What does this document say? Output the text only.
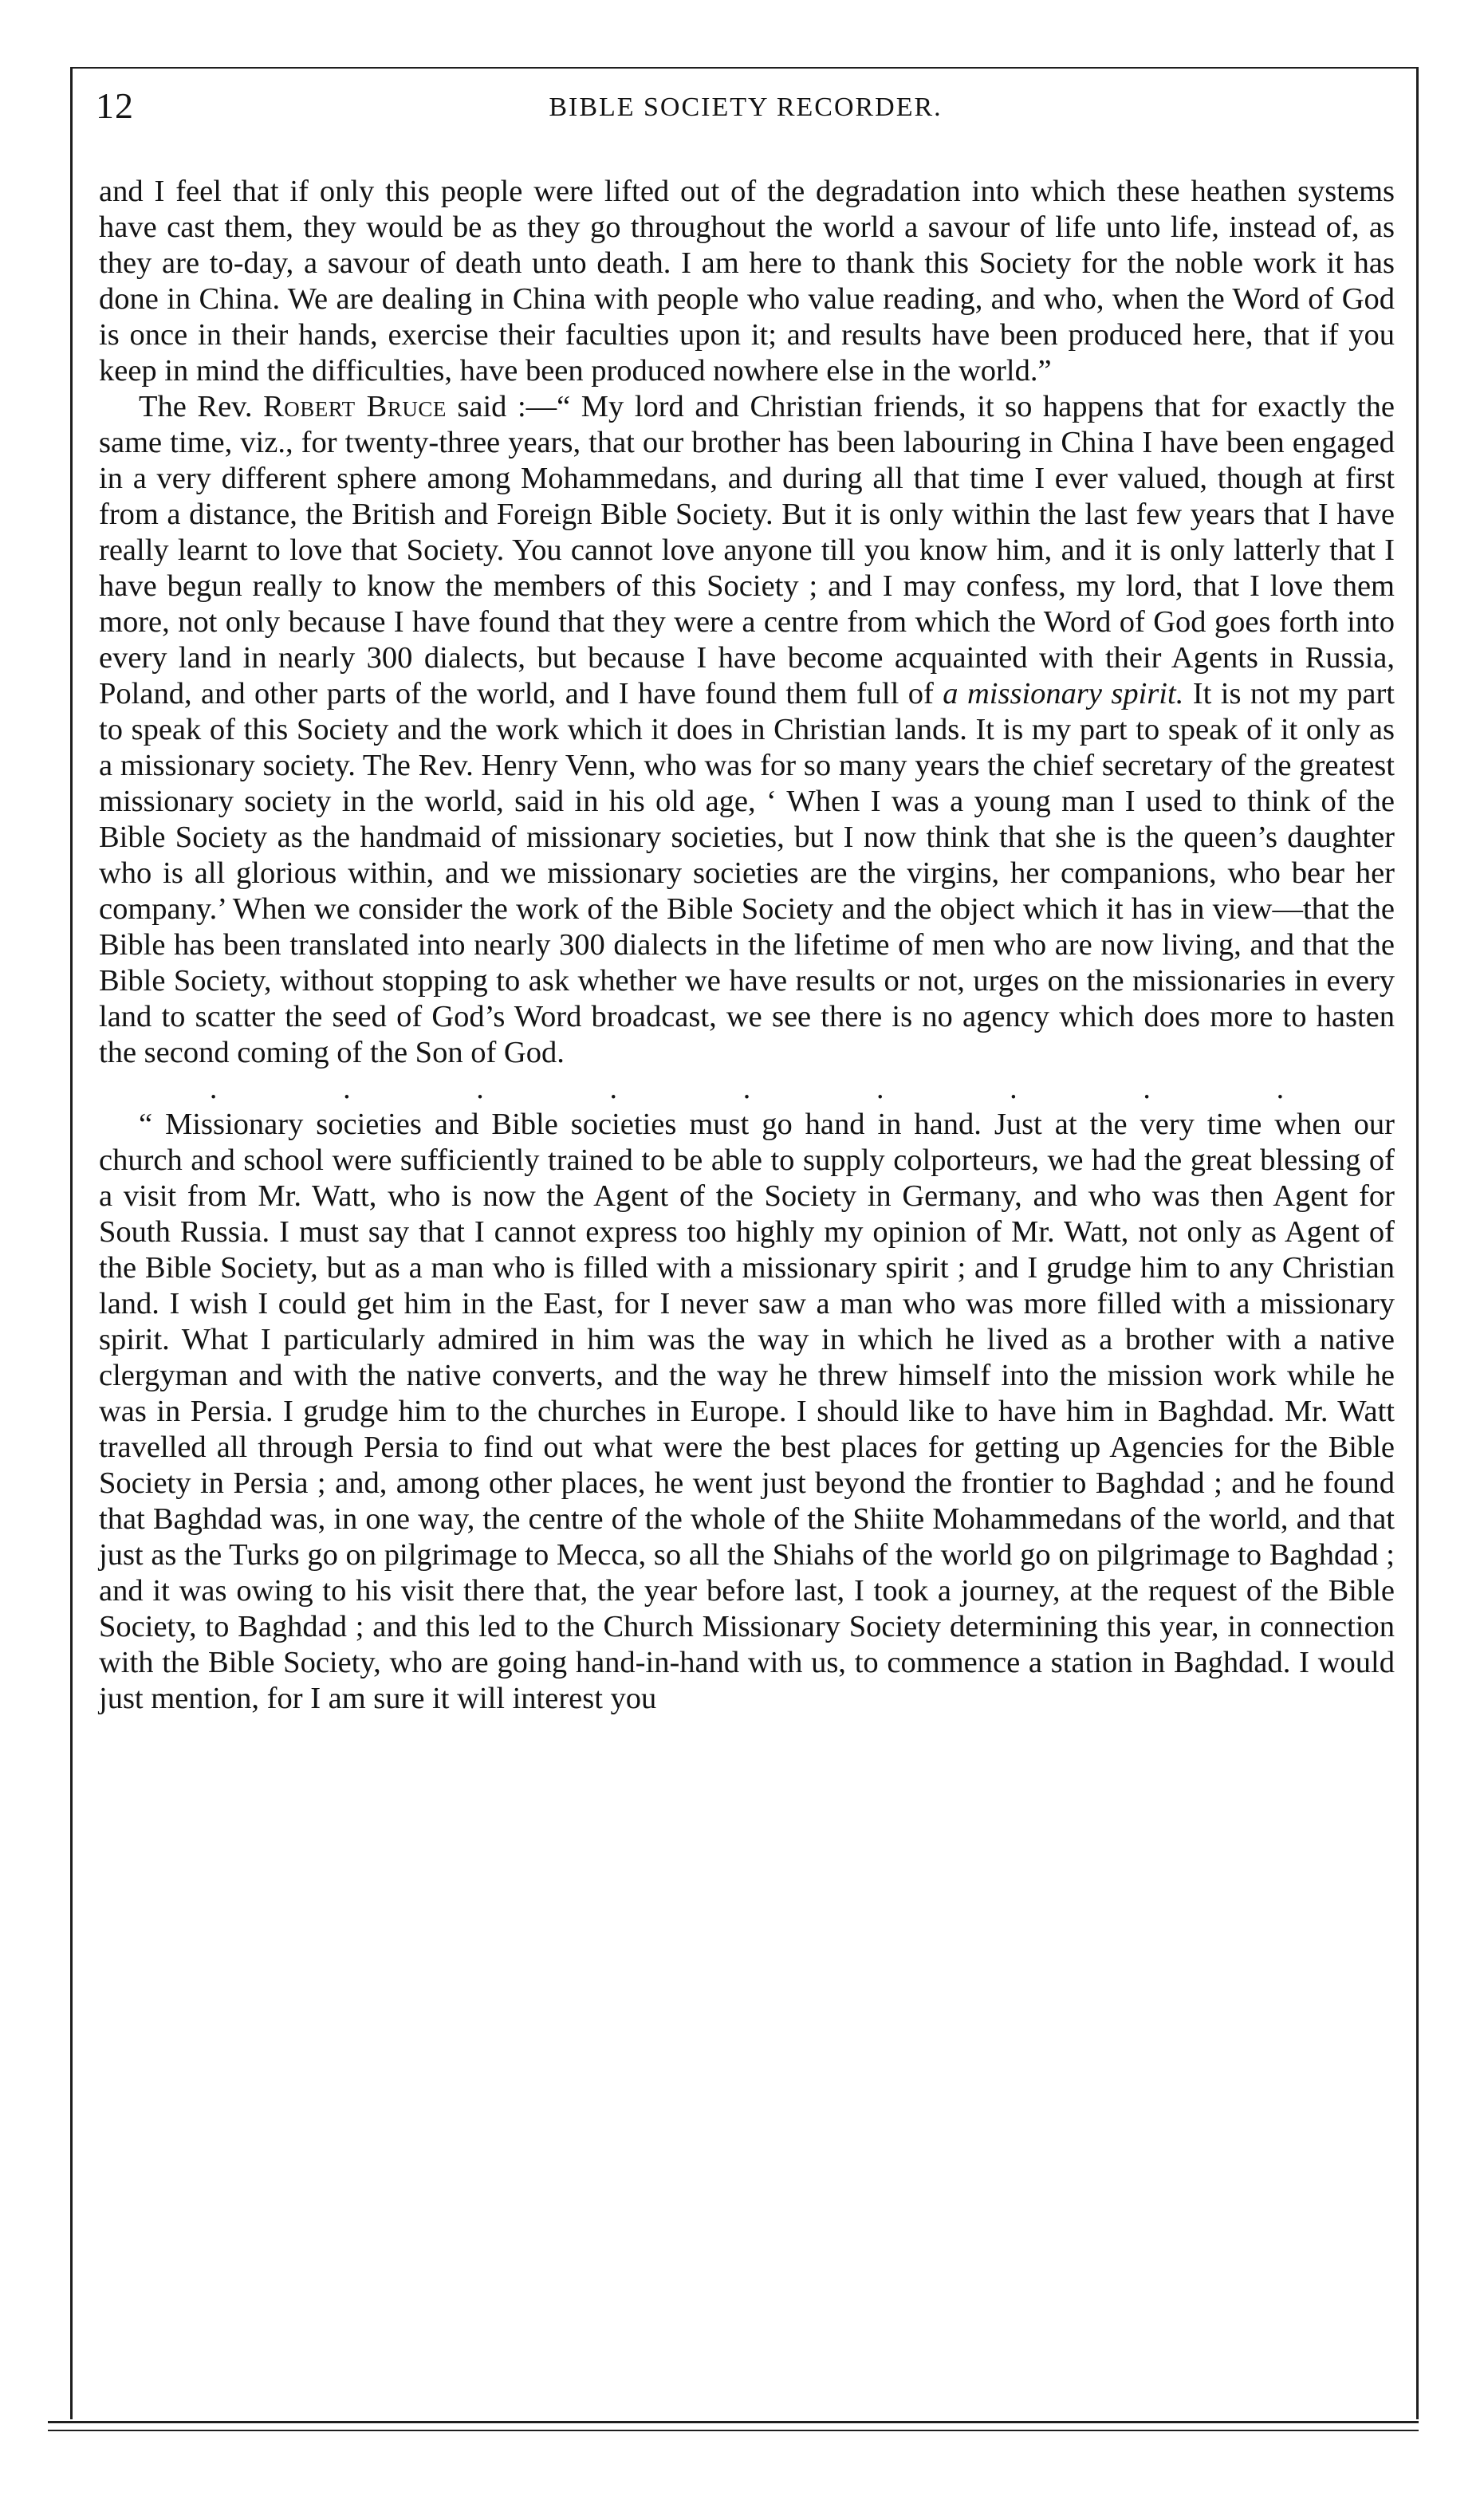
12	BIBLE SOCIETY RECORDER.

and I feel that if only this people were lifted out of the degradation into which these heathen systems have cast them, they would be as they go throughout the world a savour of life unto life, instead of, as they are to-day, a savour of death unto death. I am here to thank this Society for the noble work it has done in China. We are dealing in China with people who value reading, and who, when the Word of God is once in their hands, exercise their faculties upon it; and results have been produced here, that if you keep in mind the difficulties, have been produced nowhere else in the world.”

The Rev. Robert Bruce said :—“ My lord and Christian friends, it so happens that for exactly the same time, viz., for twenty-three years, that our brother has been labouring in China I have been engaged in a very different sphere among Mohammedans, and during all that time I ever valued, though at first from a distance, the British and Foreign Bible Society. But it is only within the last few years that I have really learnt to love that Society. You cannot love anyone till you know him, and it is only latterly that I have begun really to know the members of this Society ; and I may confess, my lord, that I love them more, not only because I have found that they were a centre from which the Word of God goes forth into every land in nearly 300 dialects, but because I have become acquainted with their Agents in Russia, Poland, and other parts of the world, and I have found them full of a missionary spirit. It is not my part to speak of this Society and the work which it does in Christian lands. It is my part to speak of it only as a missionary society. The Rev. Henry Venn, who was for so many years the chief secretary of the greatest missionary society in the world, said in his old age, ‘ When I was a young man I used to think of the Bible Society as the handmaid of missionary societies, but I now think that she is the queen’s daughter who is all glorious within, and we missionary societies are the virgins, her companions, who bear her company.’ When we consider the work of the Bible Society and the object which it has in view—that the Bible has been translated into nearly 300 dialects in the lifetime of men who are now living, and that the Bible Society, without stopping to ask whether we have results or not, urges on the missionaries in every land to scatter the seed of God’s Word broadcast, we see there is no agency which does more to hasten the second coming of the Son of God.

.	.	.	.	.	.	.	.	.

“ Missionary societies and Bible societies must go hand in hand. Just at the very time when our church and school were sufficiently trained to be able to supply colporteurs, we had the great blessing of a visit from Mr. Watt, who is now the Agent of the Society in Germany, and who was then Agent for South Russia. I must say that I cannot express too highly my opinion of Mr. Watt, not only as Agent of the Bible Society, but as a man who is filled with a missionary spirit ; and I grudge him to any Christian land. I wish I could get him in the East, for I never saw a man who was more filled with a missionary spirit. What I particularly admired in him was the way in which he lived as a brother with a native clergyman and with the native converts, and the way he threw himself into the mission work while he was in Persia. I grudge him to the churches in Europe. I should like to have him in Baghdad. Mr. Watt travelled all through Persia to find out what were the best places for getting up Agencies for the Bible Society in Persia ; and, among other places, he went just beyond the frontier to Baghdad ; and he found that Baghdad was, in one way, the centre of the whole of the Shiite Mohammedans of the world, and that just as the Turks go on pilgrimage to Mecca, so all the Shiahs of the world go on pilgrimage to Baghdad ; and it was owing to his visit there that, the year before last, I took a journey, at the request of the Bible Society, to Baghdad ; and this led to the Church Missionary Society determining this year, in connection with the Bible Society, who are going hand-in-hand with us, to commence a station in Baghdad. I would just mention, for I am sure it will interest you
